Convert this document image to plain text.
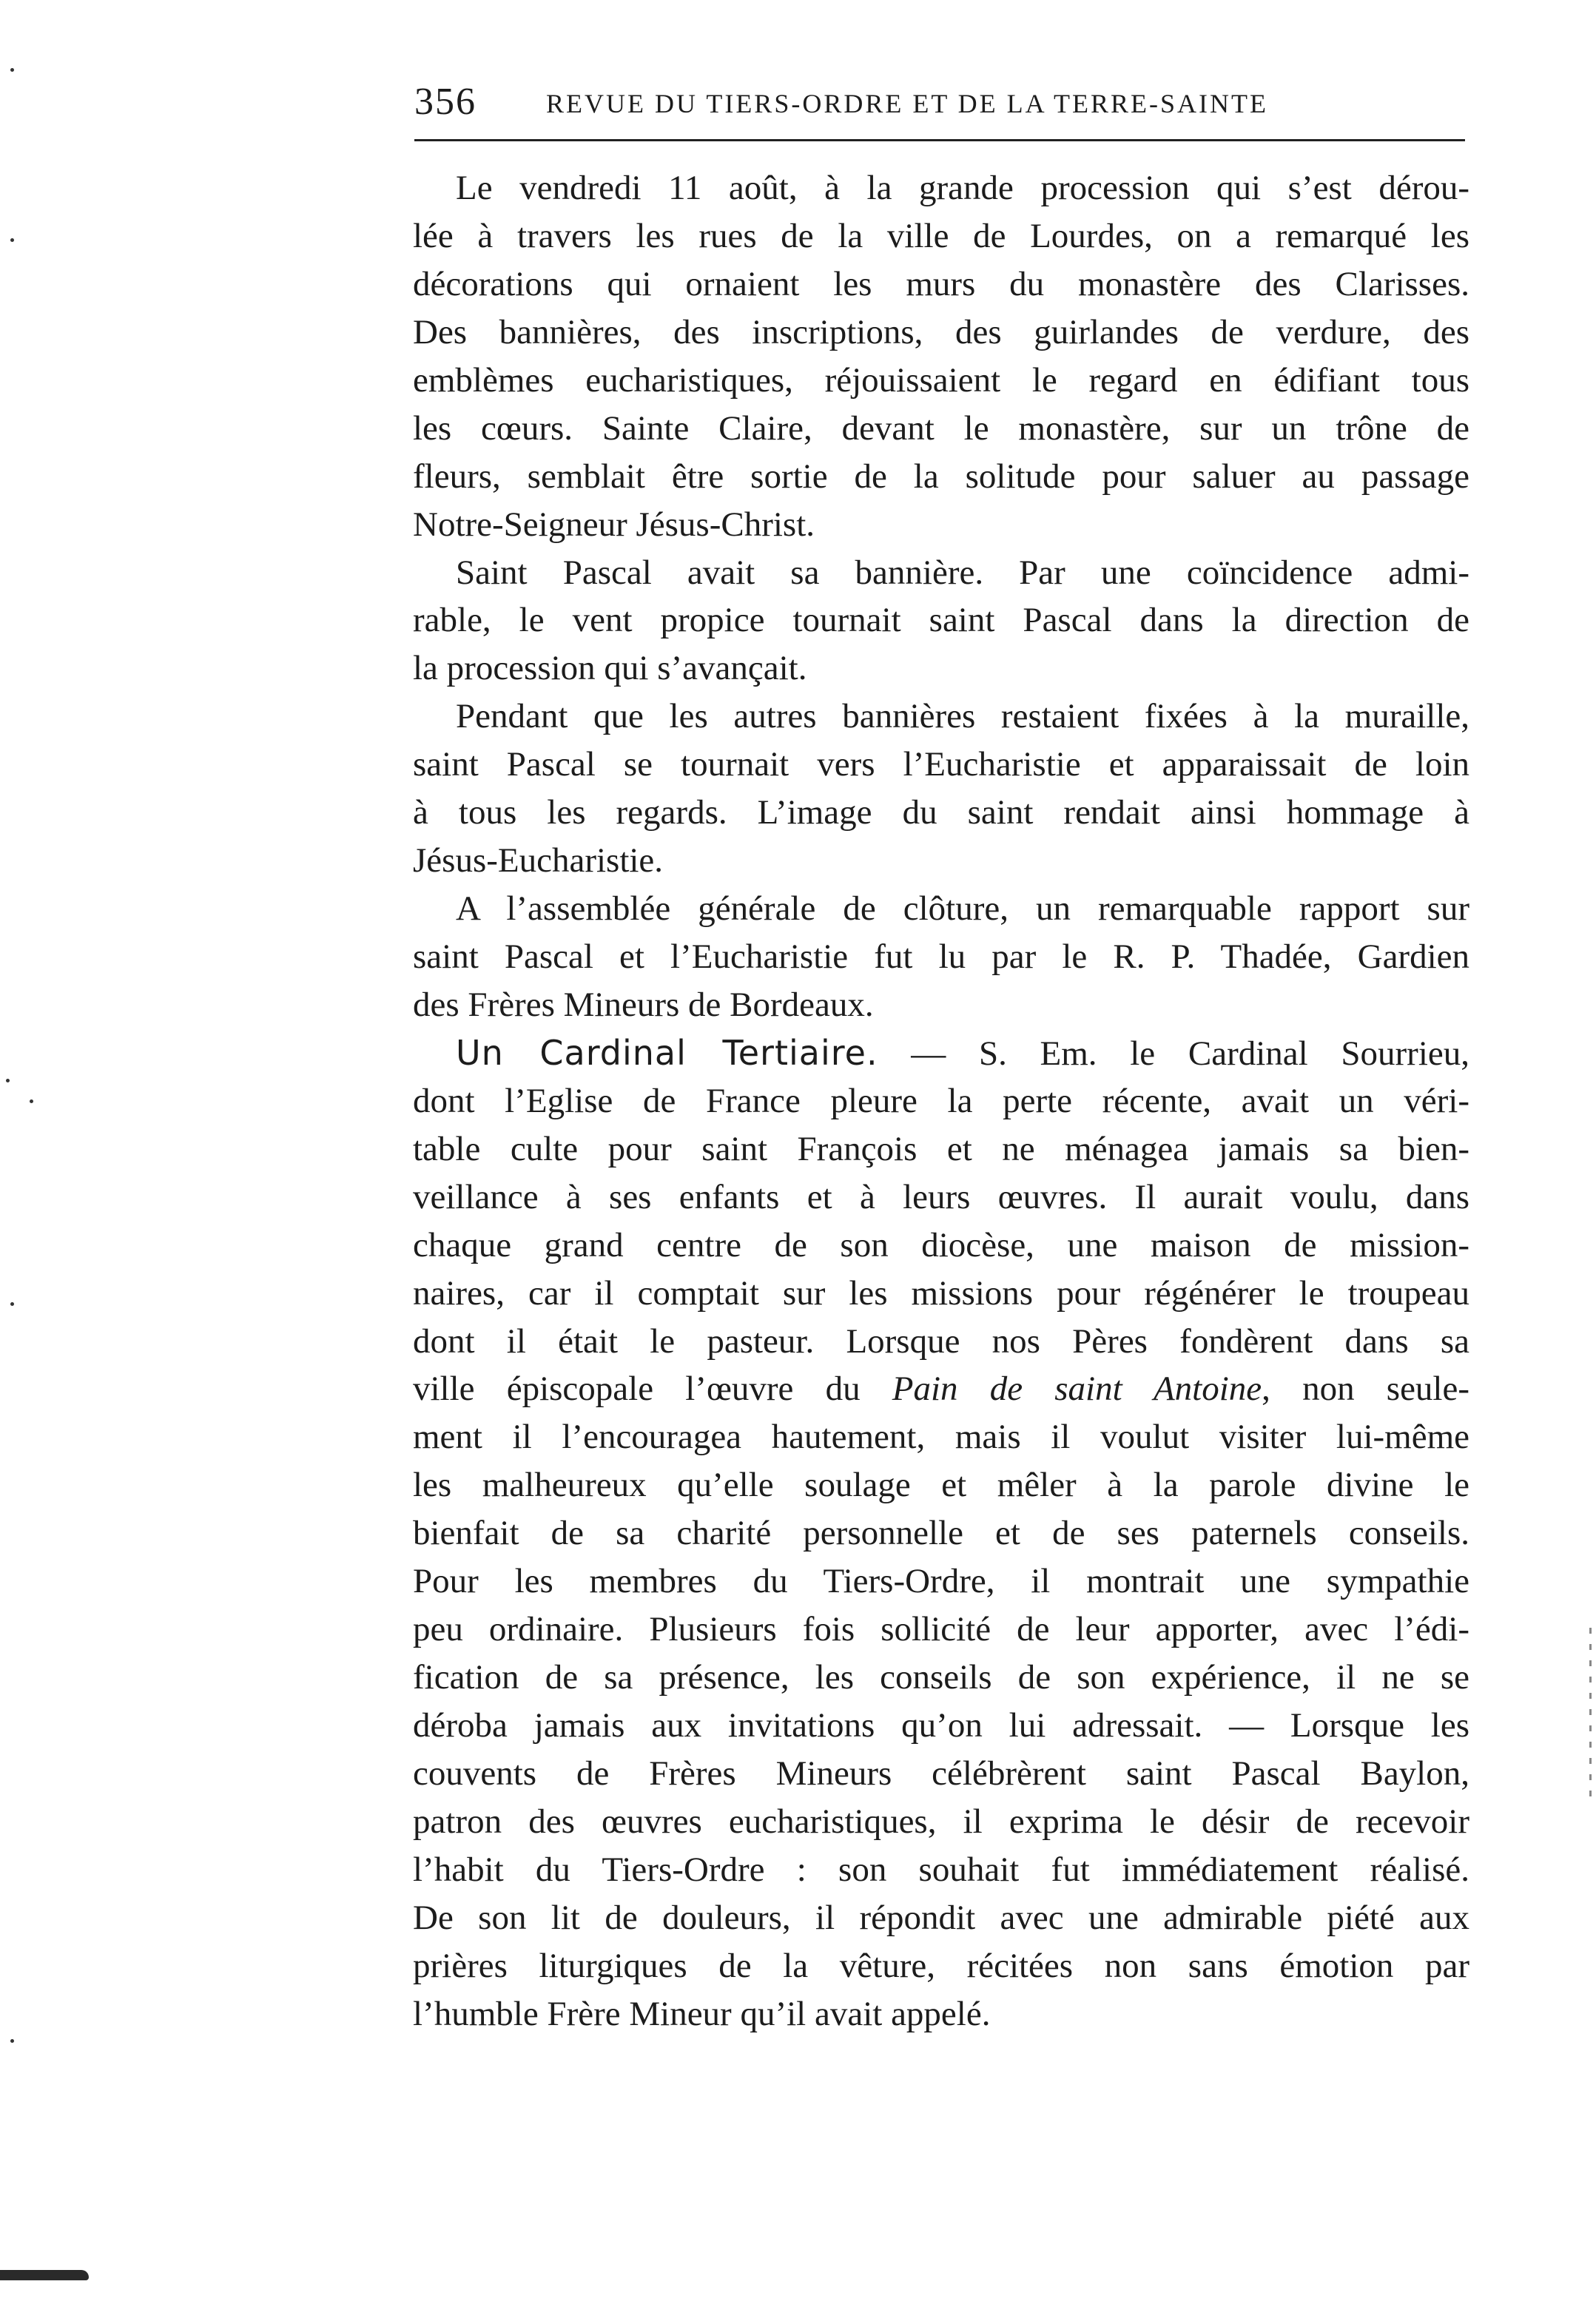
356	REVUE DU TIERS-ORDRE ET DE LA TERRE-SAINTE
Le vendredi 11 août, à la grande procession qui s’est dérou-
lée à travers les rues de la ville de Lourdes, on a remarqué les
décorations qui ornaient les murs du monastère des Clarisses.
Des bannières, des inscriptions, des guirlandes de verdure, des
emblèmes eucharistiques, réjouissaient le regard en édifiant tous
les cœurs. Sainte Claire, devant le monastère, sur un trône de
fleurs, semblait être sortie de la solitude pour saluer au passage
Notre-Seigneur Jésus-Christ.
Saint Pascal avait sa bannière. Par une coïncidence admi-
rable, le vent propice tournait saint Pascal dans la direction de
la procession qui s’avançait.
Pendant que les autres bannières restaient fixées à la muraille,
saint Pascal se tournait vers l’Eucharistie et apparaissait de loin
à tous les regards. L’image du saint rendait ainsi hommage à
Jésus-Eucharistie.
A l’assemblée générale de clôture, un remarquable rapport sur
saint Pascal et l’Eucharistie fut lu par le R. P. Thadée, Gardien
des Frères Mineurs de Bordeaux.
Un Cardinal Tertiaire. — S. Em. le Cardinal Sourrieu,
dont l’Eglise de France pleure la perte récente, avait un véri-
table culte pour saint François et ne ménagea jamais sa bien-
veillance à ses enfants et à leurs œuvres. Il aurait voulu, dans
chaque grand centre de son diocèse, une maison de mission-
naires, car il comptait sur les missions pour régénérer le troupeau
dont il était le pasteur. Lorsque nos Pères fondèrent dans sa
ville épiscopale l’œuvre du Pain de saint Antoine, non seule-
ment il l’encouragea hautement, mais il voulut visiter lui-même
les malheureux qu’elle soulage et mêler à la parole divine le
bienfait de sa charité personnelle et de ses paternels conseils.
Pour les membres du Tiers-Ordre, il montrait une sympathie
peu ordinaire. Plusieurs fois sollicité de leur apporter, avec l’édi-
fication de sa présence, les conseils de son expérience, il ne se
déroba jamais aux invitations qu’on lui adressait. — Lorsque les
couvents de Frères Mineurs célébrèrent saint Pascal Baylon,
patron des œuvres eucharistiques, il exprima le désir de recevoir
l’habit du Tiers-Ordre : son souhait fut immédiatement réalisé.
De son lit de douleurs, il répondit avec une admirable piété aux
prières liturgiques de la vêture, récitées non sans émotion par
l’humble Frère Mineur qu’il avait appelé.
